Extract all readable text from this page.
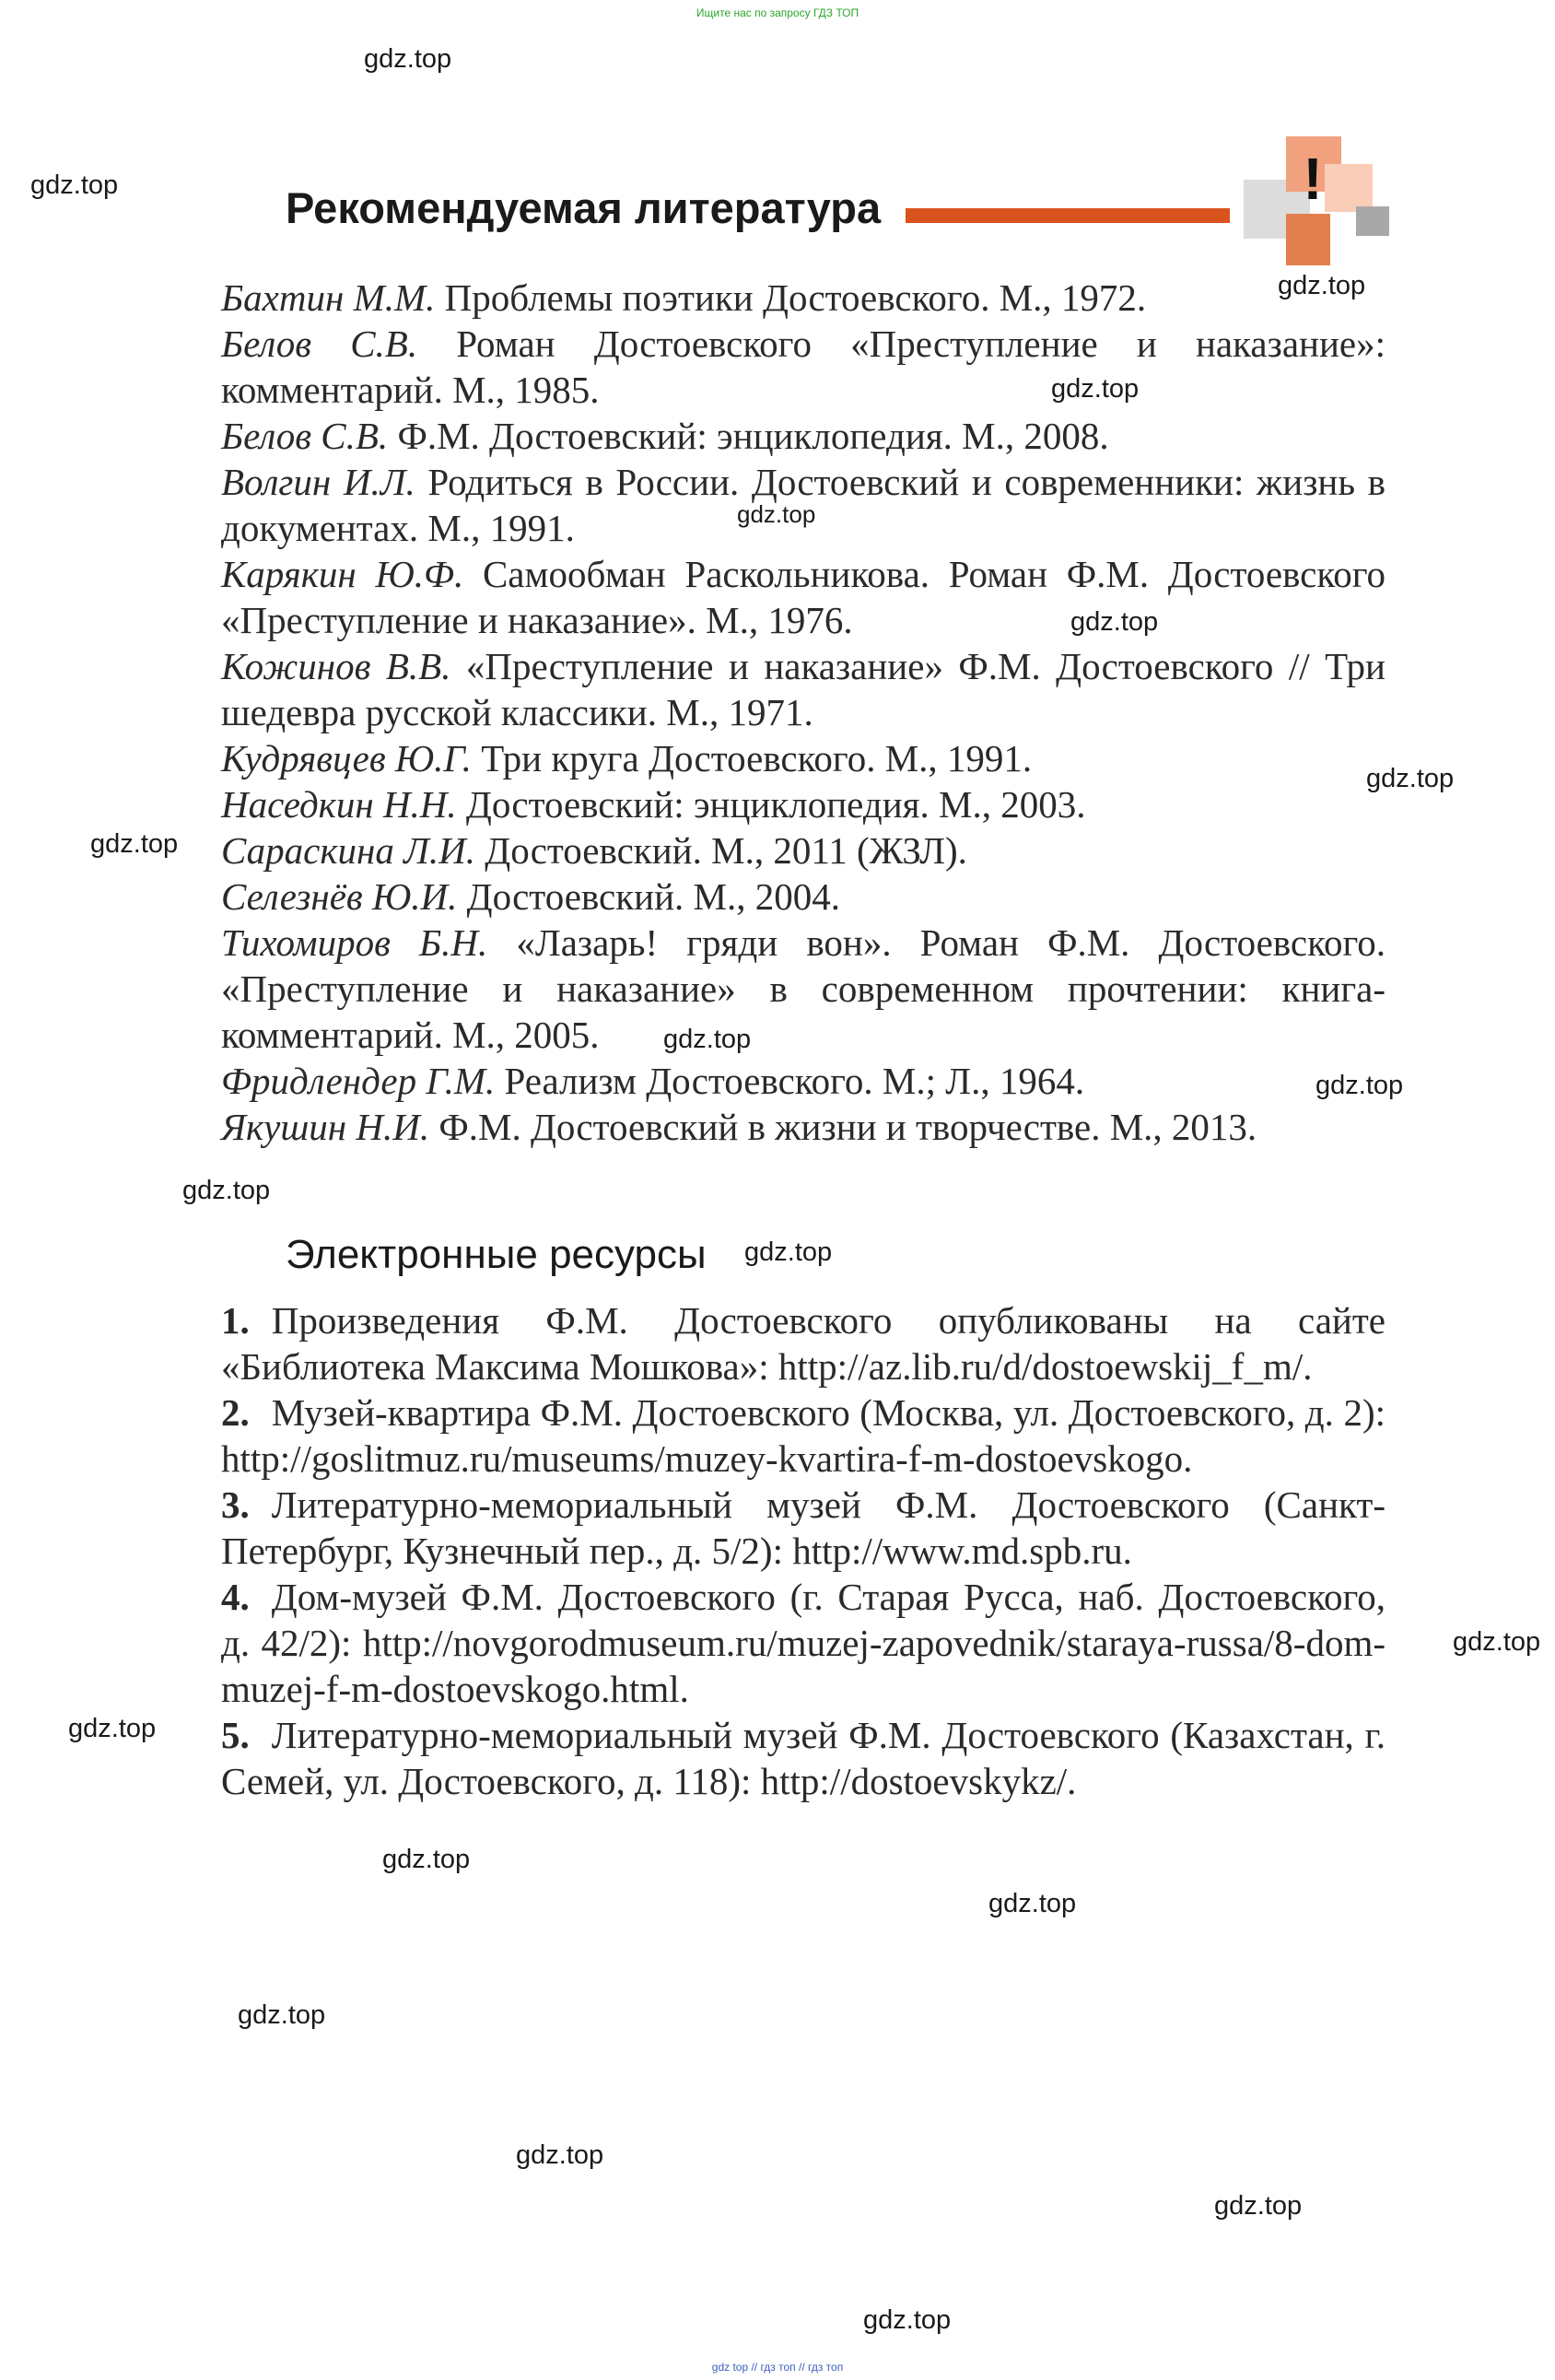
Ищите нас по запросу ГДЗ ТОП
Рекомендуемая литература	!
Бахтин М.М. Проблемы поэтики Достоевского. М., 1972.
Белов С.В. Роман Достоевского «Преступление и наказание»: комментарий. М., 1985.
Белов С.В. Ф.М. Достоевский: энциклопедия. М., 2008.
Волгин И.Л. Родиться в России. Достоевский и современники: жизнь в документах. М., 1991.
Карякин Ю.Ф. Самообман Раскольникова. Роман Ф.М. Достоевского «Преступление и наказание». М., 1976.
Кожинов В.В. «Преступление и наказание» Ф.М. Достоевского // Три шедевра русской классики. М., 1971.
Кудрявцев Ю.Г. Три круга Достоевского. М., 1991.
Наседкин Н.Н. Достоевский: энциклопедия. М., 2003.
Сараскина Л.И. Достоевский. М., 2011 (ЖЗЛ).
Селезнёв Ю.И. Достоевский. М., 2004.
Тихомиров Б.Н. «Лазарь! гряди вон». Роман Ф.М. Достоевского. «Преступление и наказание» в современном прочтении: книга-комментарий. М., 2005.
Фридлендер Г.М. Реализм Достоевского. М.; Л., 1964.
Якушин Н.И. Ф.М. Достоевский в жизни и творчестве. М., 2013.
Электронные ресурсы
1. Произведения Ф.М. Достоевского опубликованы на сайте «Библиотека Максима Мошкова»: http://az.lib.ru/d/dostoewskij_f_m/.
2. Музей-квартира Ф.М. Достоевского (Москва, ул. Достоевского, д. 2): http://goslitmuz.ru/museums/muzey-kvartira-f-m-dostoevskogo.
3. Литературно-мемориальный музей Ф.М. Достоевского (Санкт-Петербург, Кузнечный пер., д. 5/2): http://www.md.spb.ru.
4. Дом-музей Ф.М. Достоевского (г. Старая Русса, наб. Достоевского, д. 42/2): http://novgorodmuseum.ru/muzej-zapovednik/staraya-russa/8-dom-muzej-f-m-dostoevskogo.html.
5. Литературно-мемориальный музей Ф.М. Достоевского (Казахстан, г. Семей, ул. Достоевского, д. 118): http://dostoevskykz/.
gdz.top
gdz.top
gdz.top
gdz.top
gdz.top
gdz.top
gdz.top
gdz.top
gdz.top
gdz.top
gdz.top
gdz.top
gdz.top
gdz.top
gdz.top
gdz.top
gdz.top
gdz.top
gdz.top
gdz.top
gdz top // гдз топ // гдз топ
